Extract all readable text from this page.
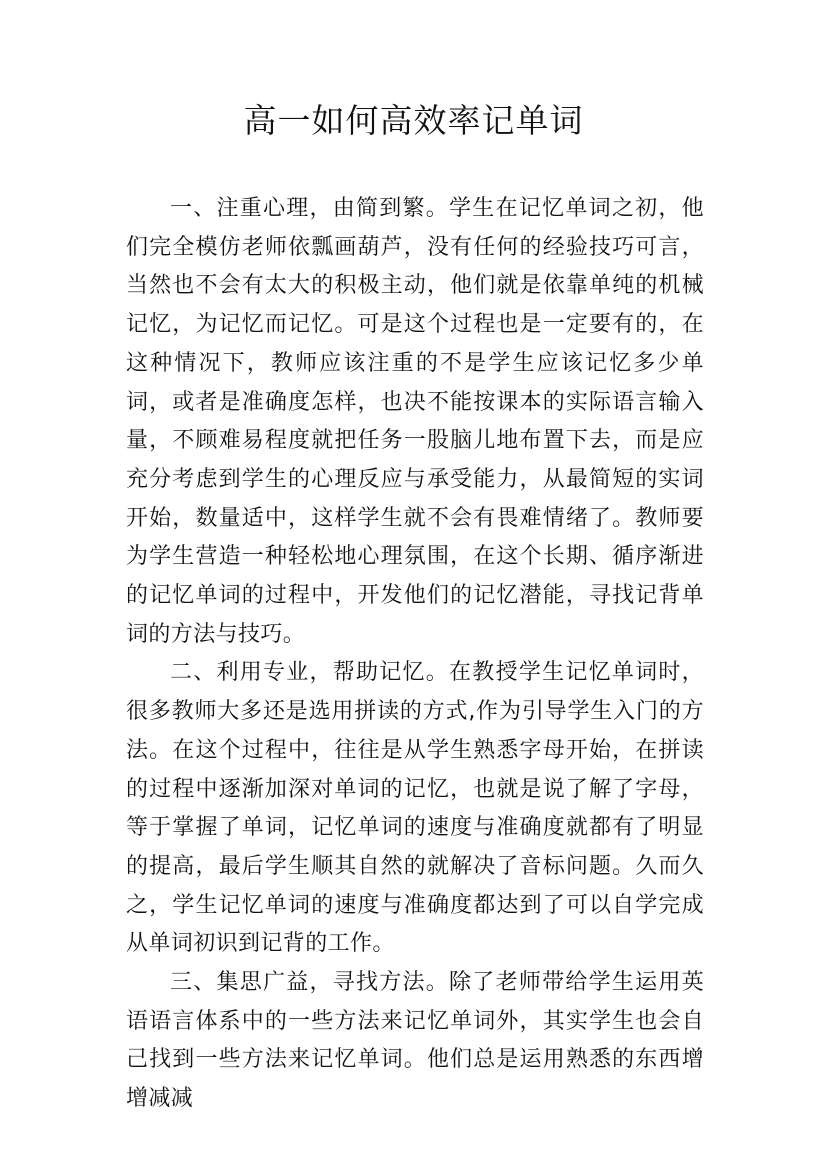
高一如何高效率记单词

一、注重心理，由简到繁。学生在记忆单词之初，他们完全模仿老师依瓢画葫芦，没有任何的经验技巧可言，当然也不会有太大的积极主动，他们就是依靠单纯的机械记忆，为记忆而记忆。可是这个过程也是一定要有的，在这种情况下，教师应该注重的不是学生应该记忆多少单词，或者是准确度怎样，也决不能按课本的实际语言输入量，不顾难易程度就把任务一股脑儿地布置下去，而是应充分考虑到学生的心理反应与承受能力，从最简短的实词开始，数量适中，这样学生就不会有畏难情绪了。教师要为学生营造一种轻松地心理氛围，在这个长期、循序渐进的记忆单词的过程中，开发他们的记忆潜能，寻找记背单词的方法与技巧。

二、利用专业，帮助记忆。在教授学生记忆单词时，很多教师大多还是选用拼读的方式,作为引导学生入门的方法。在这个过程中，往往是从学生熟悉字母开始，在拼读的过程中逐渐加深对单词的记忆，也就是说了解了字母，等于掌握了单词，记忆单词的速度与准确度就都有了明显的提高，最后学生顺其自然的就解决了音标问题。久而久之，学生记忆单词的速度与准确度都达到了可以自学完成从单词初识到记背的工作。

三、集思广益，寻找方法。除了老师带给学生运用英语语言体系中的一些方法来记忆单词外，其实学生也会自己找到一些方法来记忆单词。他们总是运用熟悉的东西增增减减
